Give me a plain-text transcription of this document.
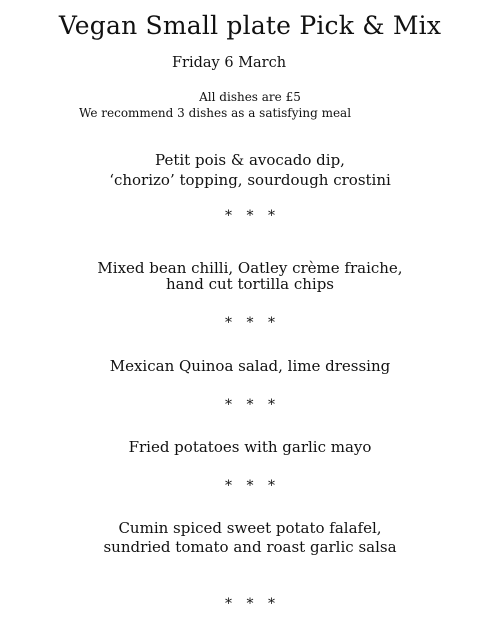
Vegan Small plate Pick & Mix
Friday 6 March
All dishes are £5
We recommend 3 dishes as a satisfying meal
Petit pois & avocado dip,
‘chorizo’ topping, sourdough crostini
* * *
Mixed bean chilli, Oatley crème fraiche,
hand cut tortilla chips
* * *
Mexican Quinoa salad, lime dressing
* * *
Fried potatoes with garlic mayo
* * *
Cumin spiced sweet potato falafel,
sundried tomato and roast garlic salsa
* * *
